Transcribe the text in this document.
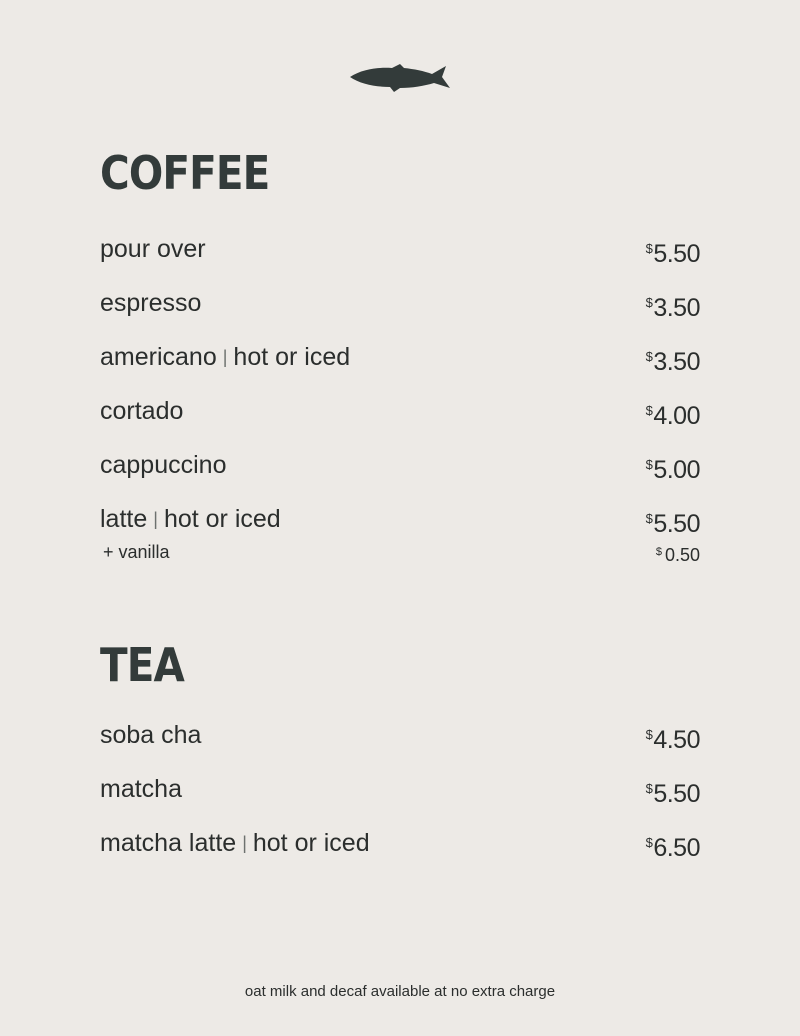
COFFEE
pour over	$5.50
espresso	$3.50
americano | hot or iced	$3.50
cortado	$4.00
cappuccino	$5.00
latte | hot or iced	$5.50
+ vanilla	$ 0.50
TEA
soba cha	$4.50
matcha	$5.50
matcha latte | hot or iced	$6.50
oat milk and decaf available at no extra charge
